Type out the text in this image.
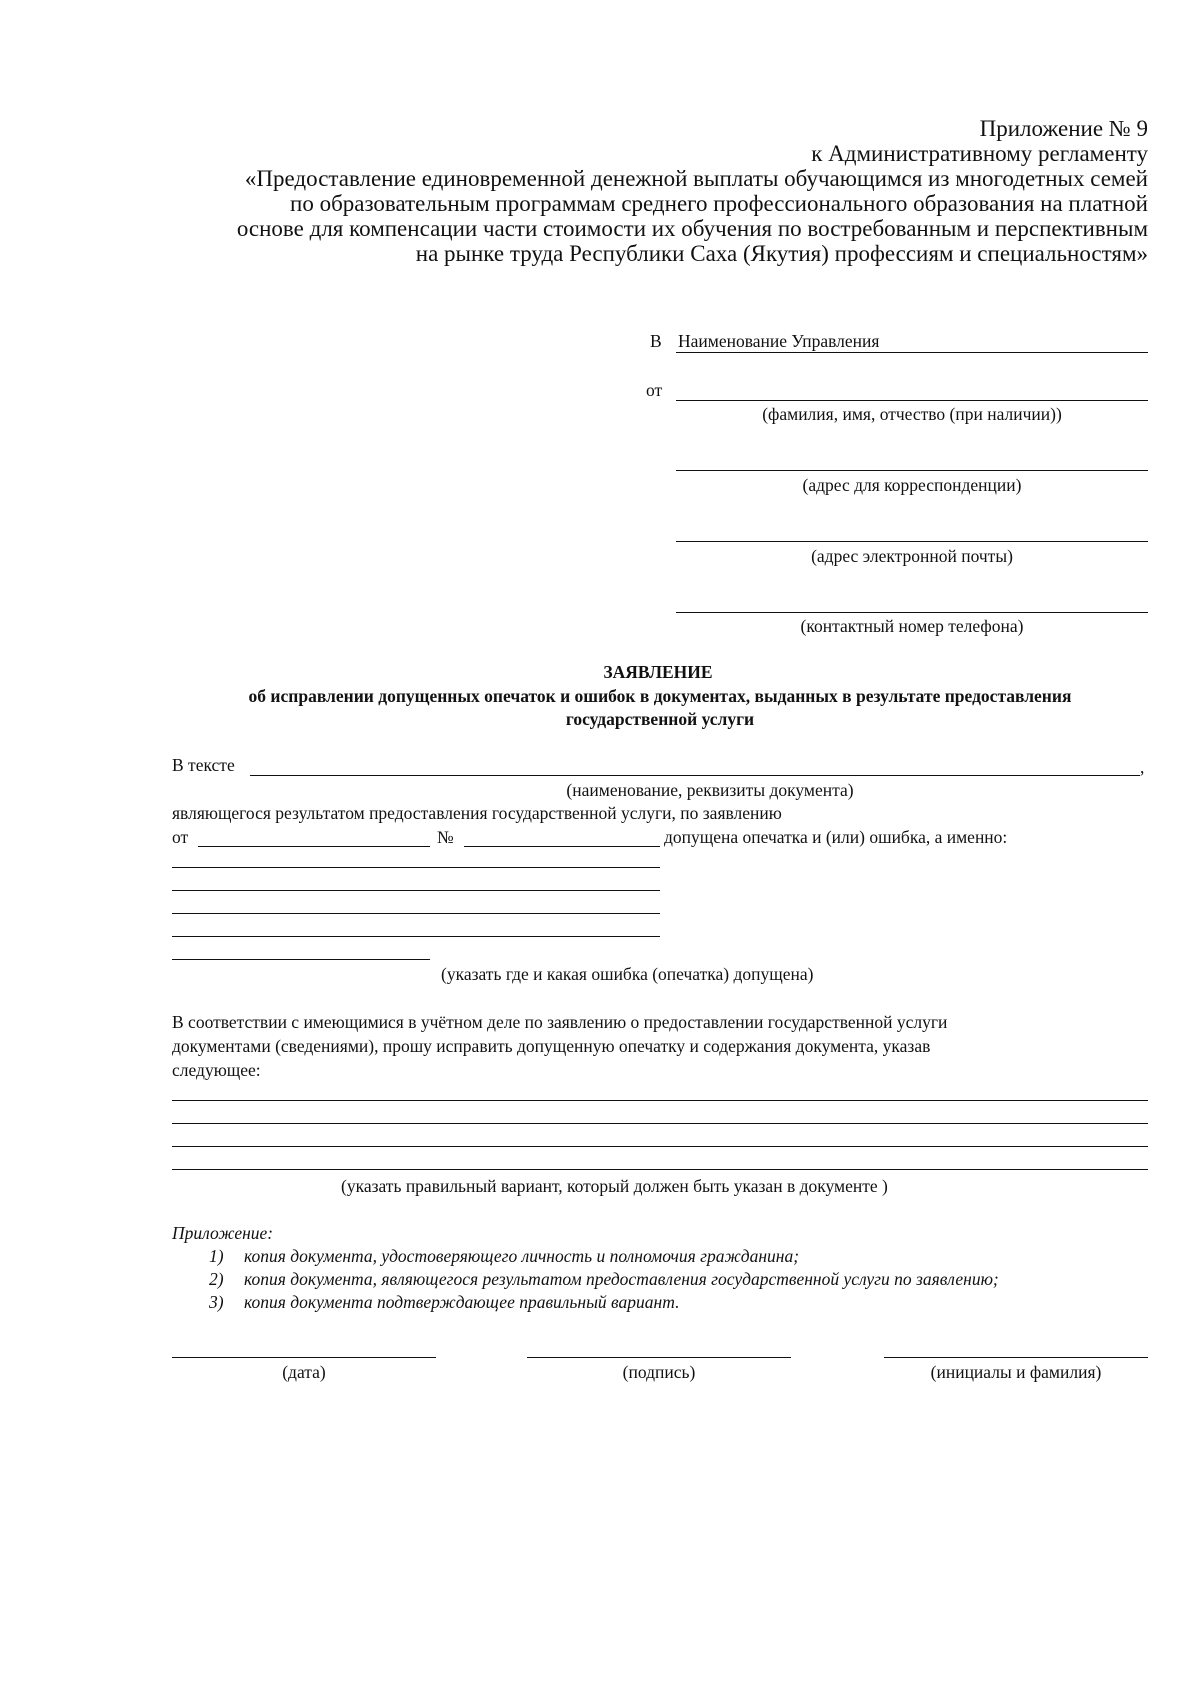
Приложение № 9
к Административному регламенту
«Предоставление единовременной денежной выплаты обучающимся из многодетных семей
по образовательным программам среднего профессионального образования на платной
основе для компенсации части стоимости их обучения по востребованным и перспективным
на рынке труда Республики Саха (Якутия) профессиям и специальностям»
В Наименование Управления
от
(фамилия, имя, отчество (при наличии))
(адрес для корреспонденции)
(адрес электронной почты)
(контактный номер телефона)
ЗАЯВЛЕНИЕ
об исправлении допущенных опечаток и ошибок в документах, выданных в результате предоставления
государственной услуги
В тексте	,
(наименование, реквизиты документа)
являющегося результатом предоставления государственной услуги, по заявлению
от	№	допущена опечатка и (или) ошибка, а именно:
(указать где и какая ошибка (опечатка) допущена)
В соответствии с имеющимися в учётном деле по заявлению о предоставлении государственной услуги
документами (сведениями), прошу исправить допущенную опечатку и содержания документа, указав
следующее:
(указать правильный вариант, который должен быть указан в документе )
Приложение:
1) копия документа, удостоверяющего личность и полномочия гражданина;
2) копия документа, являющегося результатом предоставления государственной услуги по заявлению;
3) копия документа подтверждающее правильный вариант.
(дата)	(подпись)	(инициалы и фамилия)
